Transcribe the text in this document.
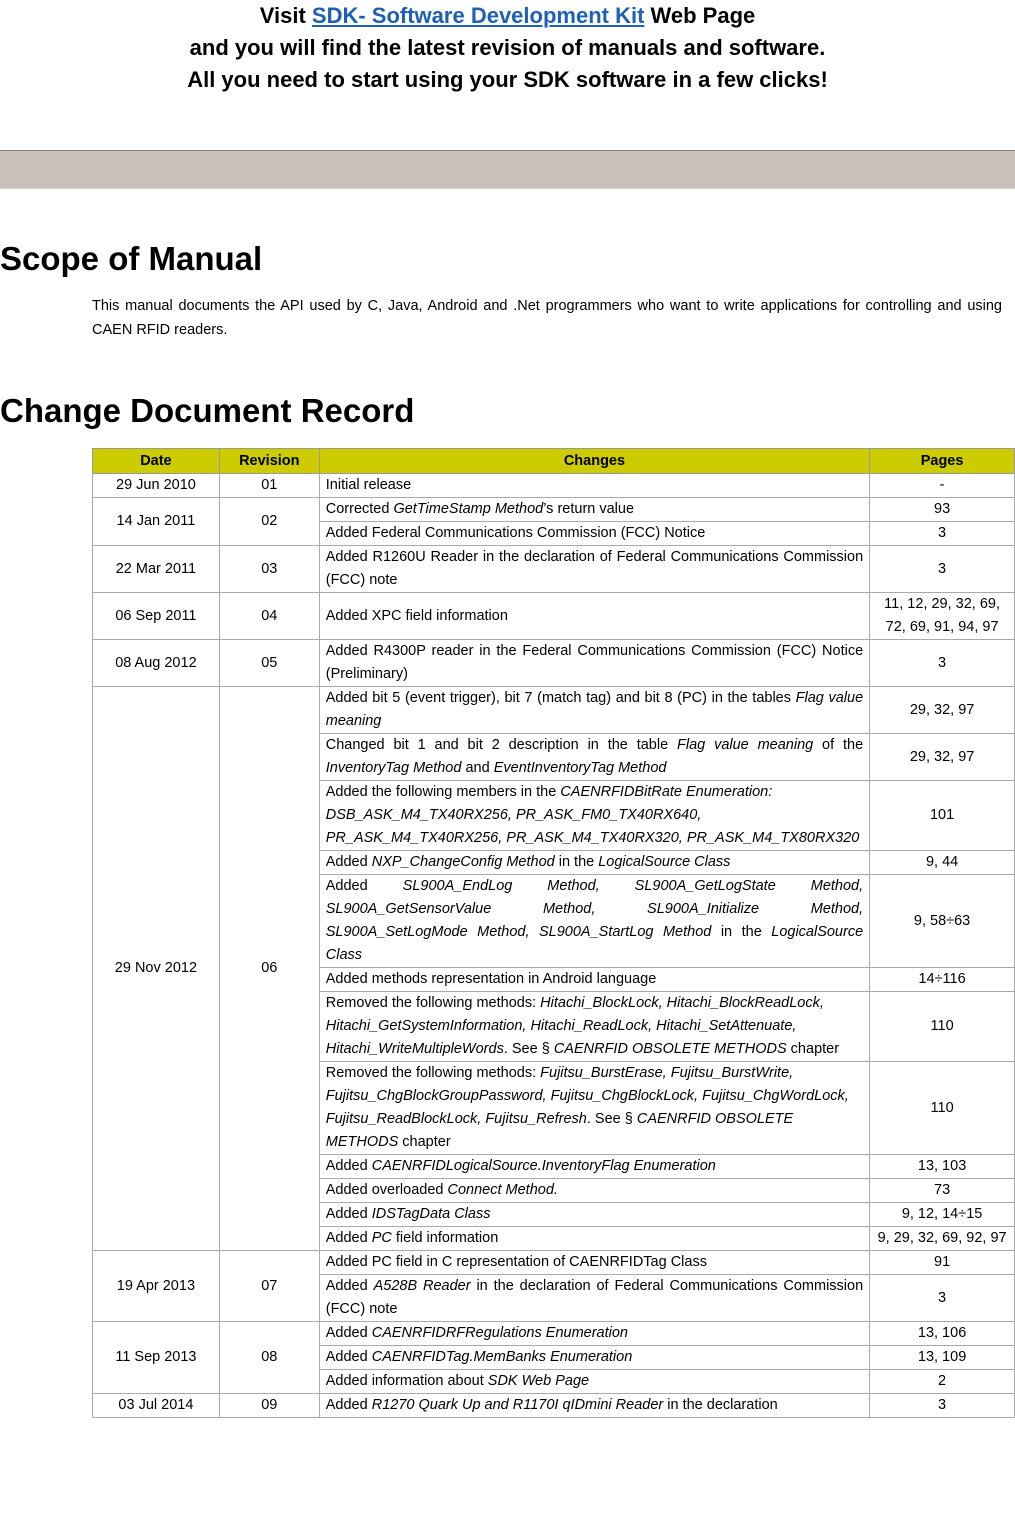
Visit SDK- Software Development Kit Web Page
and you will find the latest revision of manuals and software.
All you need to start using your SDK software in a few clicks!
Scope of Manual
This manual documents the API used by C, Java, Android and .Net programmers who want to write applications for controlling and using CAEN RFID readers.
Change Document Record
Date	Revision	Changes	Pages
29 Jun 2010	01	Initial release	-
14 Jan 2011	02	Corrected GetTimeStamp Method’s return value	93
		Added Federal Communications Commission (FCC) Notice	3
22 Mar 2011	03	Added R1260U Reader in the declaration of Federal Communications Commission (FCC) note	3
06 Sep 2011	04	Added XPC field information	11, 12, 29, 32, 69, 72, 69, 91, 94, 97
08 Aug 2012	05	Added R4300P reader in the Federal Communications Commission (FCC) Notice (Preliminary)	3
29 Nov 2012	06	Added bit 5 (event trigger), bit 7 (match tag) and bit 8 (PC) in the tables Flag value meaning	29, 32, 97
		Changed bit 1 and bit 2 description in the table Flag value meaning of the InventoryTag Method and EventInventoryTag Method	29, 32, 97
		Added the following members in the CAENRFIDBitRate Enumeration: DSB_ASK_M4_TX40RX256, PR_ASK_FM0_TX40RX640, PR_ASK_M4_TX40RX256, PR_ASK_M4_TX40RX320, PR_ASK_M4_TX80RX320	101
		Added NXP_ChangeConfig Method in the LogicalSource Class	9, 44
		Added SL900A_EndLog Method, SL900A_GetLogState Method, SL900A_GetSensorValue Method, SL900A_Initialize Method, SL900A_SetLogMode Method, SL900A_StartLog Method in the LogicalSource Class	9, 58÷63
		Added methods representation in Android language	14÷116
		Removed the following methods: Hitachi_BlockLock, Hitachi_BlockReadLock, Hitachi_GetSystemInformation, Hitachi_ReadLock, Hitachi_SetAttenuate, Hitachi_WriteMultipleWords. See § CAENRFID OBSOLETE METHODS chapter	110
		Removed the following methods: Fujitsu_BurstErase, Fujitsu_BurstWrite, Fujitsu_ChgBlockGroupPassword, Fujitsu_ChgBlockLock, Fujitsu_ChgWordLock, Fujitsu_ReadBlockLock, Fujitsu_Refresh. See § CAENRFID OBSOLETE METHODS chapter	110
		Added CAENRFIDLogicalSource.InventoryFlag Enumeration	13, 103
		Added overloaded Connect Method.	73
		Added IDSTagData Class	9, 12, 14÷15
		Added PC field information	9, 29, 32, 69, 92, 97
19 Apr 2013	07	Added PC field in C representation of CAENRFIDTag Class	91
		Added A528B Reader in the declaration of Federal Communications Commission (FCC) note	3
11 Sep 2013	08	Added CAENRFIDRFRegulations Enumeration	13, 106
		Added CAENRFIDTag.MemBanks Enumeration	13, 109
		Added information about SDK Web Page	2
03 Jul 2014	09	Added R1270 Quark Up and R1170I qIDmini Reader in the declaration	3
